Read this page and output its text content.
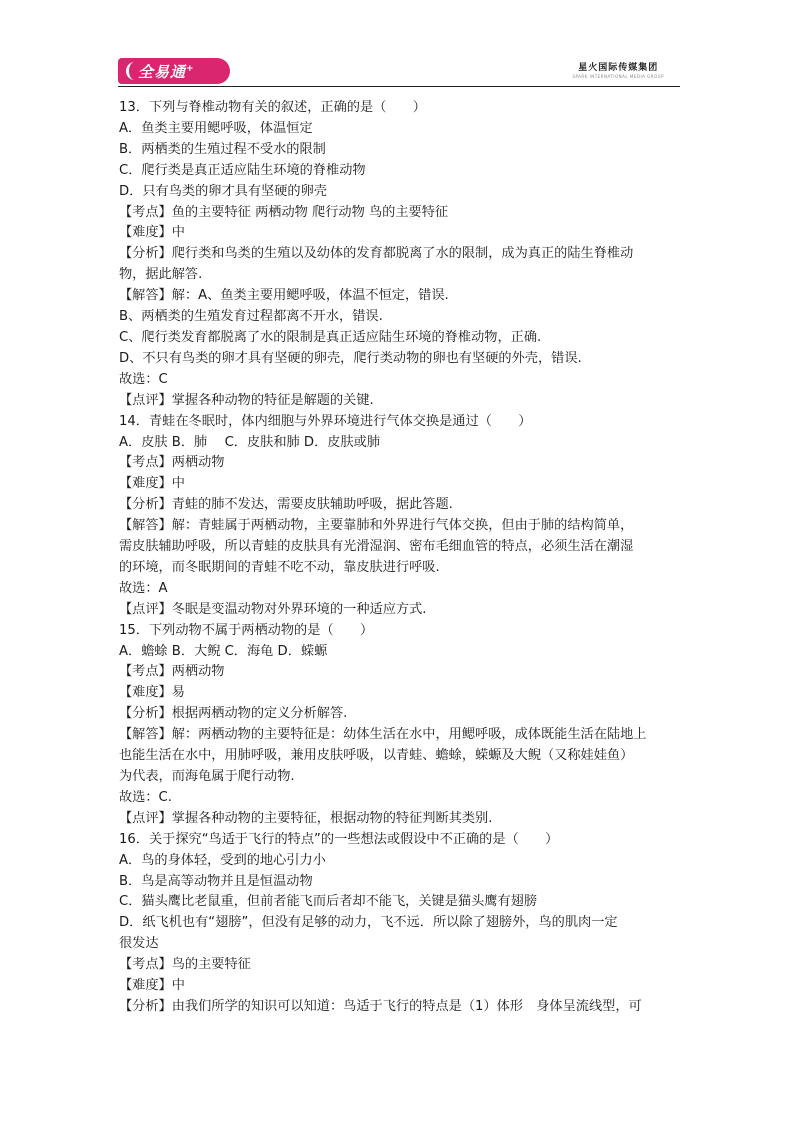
全易通+	星火国际传媒集团
SPARK INTERNATIONAL MEDIA GROUP
13．下列与脊椎动物有关的叙述，正确的是（　　）
A．鱼类主要用鳃呼吸，体温恒定
B．两栖类的生殖过程不受水的限制
C．爬行类是真正适应陆生环境的脊椎动物
D．只有鸟类的卵才具有坚硬的卵壳
【考点】鱼的主要特征 两栖动物 爬行动物 鸟的主要特征
【难度】中
【分析】爬行类和鸟类的生殖以及幼体的发育都脱离了水的限制，成为真正的陆生脊椎动
物，据此解答.
【解答】解：A、鱼类主要用鳃呼吸，体温不恒定，错误.
B、两栖类的生殖发育过程都离不开水，错误.
C、爬行类发育都脱离了水的限制是真正适应陆生环境的脊椎动物，正确.
D、不只有鸟类的卵才具有坚硬的卵壳，爬行类动物的卵也有坚硬的外壳，错误.
故选：C
【点评】掌握各种动物的特征是解题的关键.
14．青蛙在冬眠时，体内细胞与外界环境进行气体交换是通过（　　）
A．皮肤 B．肺　 C．皮肤和肺 D．皮肤或肺
【考点】两栖动物
【难度】中
【分析】青蛙的肺不发达，需要皮肤辅助呼吸，据此答题.
【解答】解：青蛙属于两栖动物，主要靠肺和外界进行气体交换，但由于肺的结构简单，
需皮肤辅助呼吸，所以青蛙的皮肤具有光滑湿润、密布毛细血管的特点，必须生活在潮湿
的环境，而冬眠期间的青蛙不吃不动，靠皮肤进行呼吸.
故选：A
【点评】冬眠是变温动物对外界环境的一种适应方式.
15．下列动物不属于两栖动物的是（　　）
A．蟾蜍 B．大鲵 C．海龟 D．蝾螈
【考点】两栖动物
【难度】易
【分析】根据两栖动物的定义分析解答.
【解答】解：两栖动物的主要特征是：幼体生活在水中，用鳃呼吸，成体既能生活在陆地上
也能生活在水中，用肺呼吸，兼用皮肤呼吸，以青蛙、蟾蜍，蝾螈及大鲵（又称娃娃鱼）
为代表，而海龟属于爬行动物.
故选：C.
【点评】掌握各种动物的主要特征，根据动物的特征判断其类别.
16．关于探究“鸟适于飞行的特点”的一些想法或假设中不正确的是（　　）
A．鸟的身体轻，受到的地心引力小
B．鸟是高等动物并且是恒温动物
C．猫头鹰比老鼠重，但前者能飞而后者却不能飞，关键是猫头鹰有翅膀
D．纸飞机也有“翅膀”，但没有足够的动力，飞不远．所以除了翅膀外，鸟的肌肉一定
很发达
【考点】鸟的主要特征
【难度】中
【分析】由我们所学的知识可以知道：鸟适于飞行的特点是（1）体形　身体呈流线型，可
